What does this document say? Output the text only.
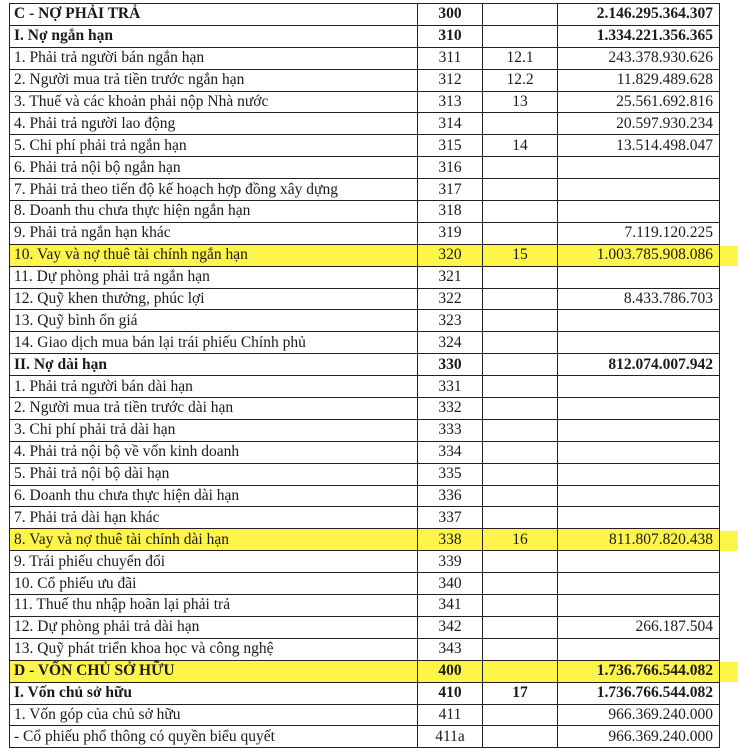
C - NỢ PHẢI TRẢ	300		2.146.295.364.307
I. Nợ ngắn hạn	310		1.334.221.356.365
1. Phải trả người bán ngắn hạn	311	12.1	243.378.930.626
2. Người mua trả tiền trước ngắn hạn	312	12.2	11.829.489.628
3. Thuế và các khoản phải nộp Nhà nước	313	13	25.561.692.816
4. Phải trả người lao động	314		20.597.930.234
5. Chi phí phải trả ngắn hạn	315	14	13.514.498.047
6. Phải trả nội bộ ngắn hạn	316		
7. Phải trả theo tiến độ kế hoạch hợp đồng xây dựng	317		
8. Doanh thu chưa thực hiện ngắn hạn	318		
9. Phải trả ngắn hạn khác	319		7.119.120.225
10. Vay và nợ thuê tài chính ngắn hạn	320	15	1.003.785.908.086
11. Dự phòng phải trả ngắn hạn	321		
12. Quỹ khen thưởng, phúc lợi	322		8.433.786.703
13. Quỹ bình ổn giá	323		
14. Giao dịch mua bán lại trái phiếu Chính phủ	324		
II. Nợ dài hạn	330		812.074.007.942
1. Phải trả người bán dài hạn	331		
2. Người mua trả tiền trước dài hạn	332		
3. Chi phí phải trả dài hạn	333		
4. Phải trả nội bộ về vốn kinh doanh	334		
5. Phải trả nội bộ dài hạn	335		
6. Doanh thu chưa thực hiện dài hạn	336		
7. Phải trả dài hạn khác	337		
8. Vay và nợ thuê tài chính dài hạn	338	16	811.807.820.438
9. Trái phiếu chuyển đổi	339		
10. Cổ phiếu ưu đãi	340		
11. Thuế thu nhập hoãn lại phải trả	341		
12. Dự phòng phải trả dài hạn	342		266.187.504
13. Quỹ phát triển khoa học và công nghệ	343		
D - VỐN CHỦ SỞ HỮU	400		1.736.766.544.082
I. Vốn chủ sở hữu	410	17	1.736.766.544.082
1. Vốn góp của chủ sở hữu	411		966.369.240.000
- Cổ phiếu phổ thông có quyền biểu quyết	411a		966.369.240.000
